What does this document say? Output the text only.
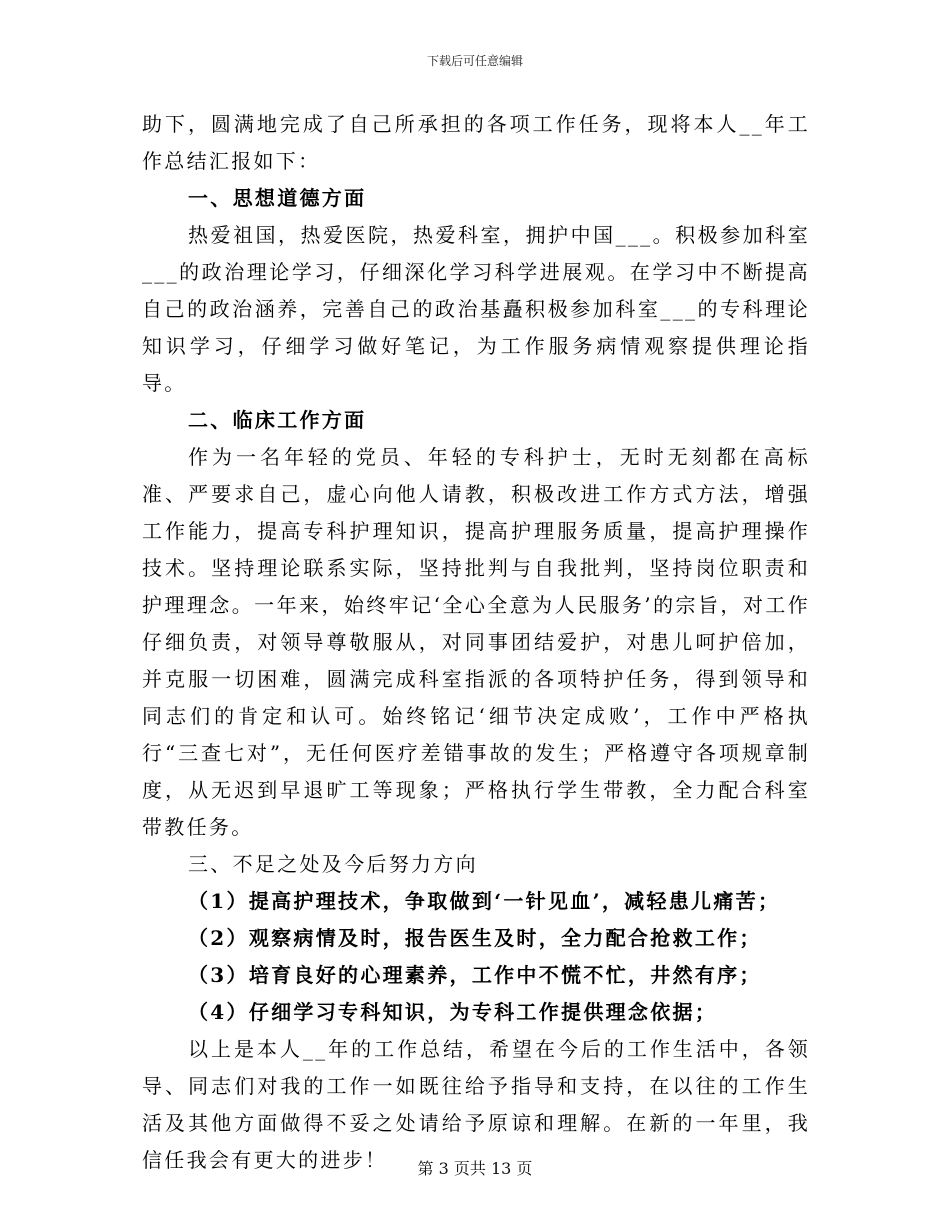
下载后可任意编辑

助下，圆满地完成了自己所承担的各项工作任务，现将本人__年工作总结汇报如下：

一、思想道德方面

热爱祖国，热爱医院，热爱科室，拥护中国___。积极参加科室___的政治理论学习，仔细深化学习科学进展观。在学习中不断提高自己的政治涵养，完善自己的政治基矗积极参加科室___的专科理论知识学习，仔细学习做好笔记，为工作服务病情观察提供理论指导。

二、临床工作方面

作为一名年轻的党员、年轻的专科护士，无时无刻都在高标准、严要求自己，虚心向他人请教，积极改进工作方式方法，增强工作能力，提高专科护理知识，提高护理服务质量，提高护理操作技术。坚持理论联系实际，坚持批判与自我批判，坚持岗位职责和护理理念。一年来，始终牢记‘全心全意为人民服务’的宗旨，对工作仔细负责，对领导尊敬服从，对同事团结爱护，对患儿呵护倍加，并克服一切困难，圆满完成科室指派的各项特护任务，得到领导和同志们的肯定和认可。始终铭记‘细节决定成败’，工作中严格执行“三查七对”，无任何医疗差错事故的发生；严格遵守各项规章制度，从无迟到早退旷工等现象；严格执行学生带教，全力配合科室带教任务。

三、不足之处及今后努力方向

（1）提高护理技术，争取做到‘一针见血’，减轻患儿痛苦；

（2）观察病情及时，报告医生及时，全力配合抢救工作；

（3）培育良好的心理素养，工作中不慌不忙，井然有序；

（4）仔细学习专科知识，为专科工作提供理念依据；

以上是本人__年的工作总结，希望在今后的工作生活中，各领导、同志们对我的工作一如既往给予指导和支持，在以往的工作生活及其他方面做得不妥之处请给予原谅和理解。在新的一年里，我信任我会有更大的进步！	第 3 页共 13 页
